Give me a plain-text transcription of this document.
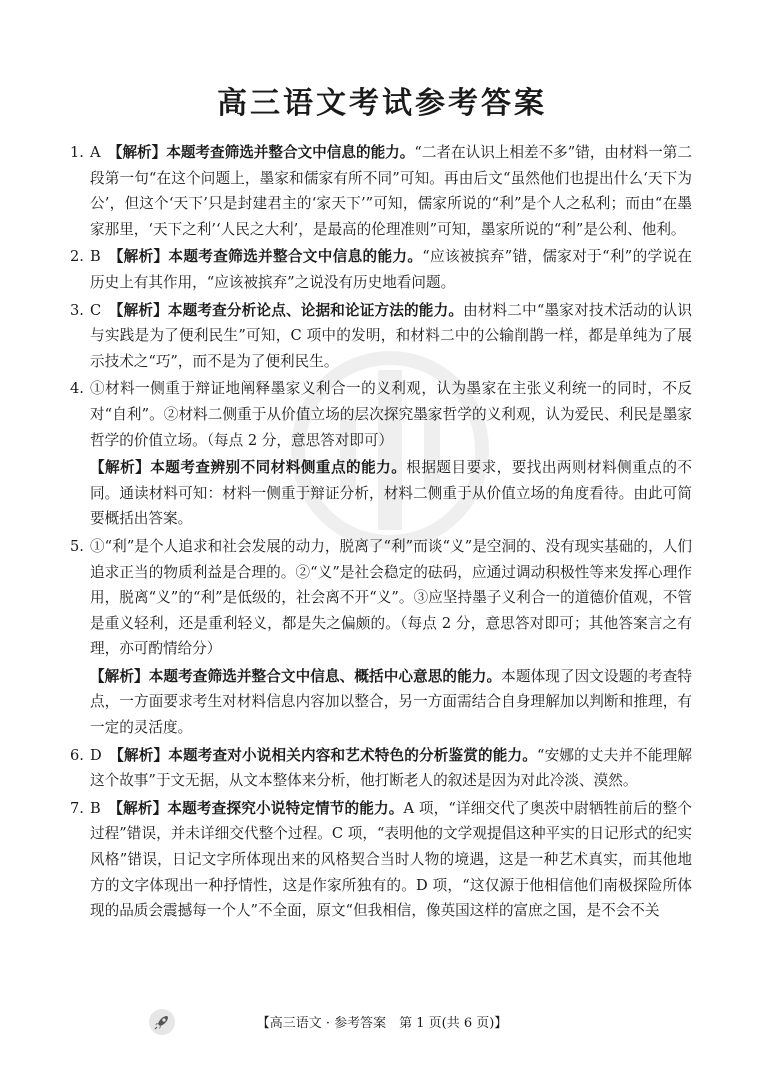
高三语文考试参考答案
1. A　 【解析】本题考查筛选并整合文中信息的能力。“二者在认识上相差不多”错，由材料一第二段第一句“在这个问题上，墨家和儒家有所不同”可知。再由后文“虽然他们也提出什么‘天下为公’，但这个‘天下’只是封建君主的‘家天下’”可知，儒家所说的“利”是个人之私利；而由“在墨家那里，‘天下之利’‘人民之大利’，是最高的伦理准则”可知，墨家所说的“利”是公利、他利。

2. B　 【解析】本题考查筛选并整合文中信息的能力。“应该被摈弃”错，儒家对于“利”的学说在历史上有其作用，“应该被摈弃”之说没有历史地看问题。

3. C　 【解析】本题考查分析论点、论据和论证方法的能力。由材料二中“墨家对技术活动的认识与实践是为了便利民生”可知，C 项中的发明，和材料二中的公输削鹊一样，都是单纯为了展示技术之“巧”，而不是为了便利民生。

4. ①材料一侧重于辩证地阐释墨家义利合一的义利观，认为墨家在主张义利统一的同时，不反对“自利”。②材料二侧重于从价值立场的层次探究墨家哲学的义利观，认为爱民、利民是墨家哲学的价值立场。（每点 2 分，意思答对即可）

【解析】本题考查辨别不同材料侧重点的能力。根据题目要求，要找出两则材料侧重点的不同。通读材料可知：材料一侧重于辩证分析，材料二侧重于从价值立场的角度看待。由此可简要概括出答案。

5. ①“利”是个人追求和社会发展的动力，脱离了“利”而谈“义”是空洞的、没有现实基础的，人们追求正当的物质利益是合理的。②“义”是社会稳定的砝码，应通过调动积极性等来发挥心理作用，脱离“义”的“利”是低级的，社会离不开“义”。③应坚持墨子义利合一的道德价值观，不管是重义轻利，还是重利轻义，都是失之偏颇的。（每点 2 分，意思答对即可；其他答案言之有理，亦可酌情给分）

【解析】本题考查筛选并整合文中信息、概括中心意思的能力。本题体现了因文设题的考查特点，一方面要求考生对材料信息内容加以整合，另一方面需结合自身理解加以判断和推理，有一定的灵活度。

6. D　 【解析】本题考查对小说相关内容和艺术特色的分析鉴赏的能力。“安娜的丈夫并不能理解这个故事”于文无据，从文本整体来分析，他打断老人的叙述是因为对此冷淡、漠然。

7. B　 【解析】本题考查探究小说特定情节的能力。A 项，“详细交代了奥茨中尉牺牲前后的整个过程”错误，并未详细交代整个过程。C 项，“表明他的文学观提倡这种平实的日记形式的纪实风格”错误，日记文字所体现出来的风格契合当时人物的境遇，这是一种艺术真实，而其他地方的文字体现出一种抒情性，这是作家所独有的。D 项，“这仅源于他相信他们南极探险所体现的品质会震撼每一个人”不全面，原文“但我相信，像英国这样的富庶之国，是不会不关

【高三语文 · 参考答案　第 1 页(共 6 页)】
